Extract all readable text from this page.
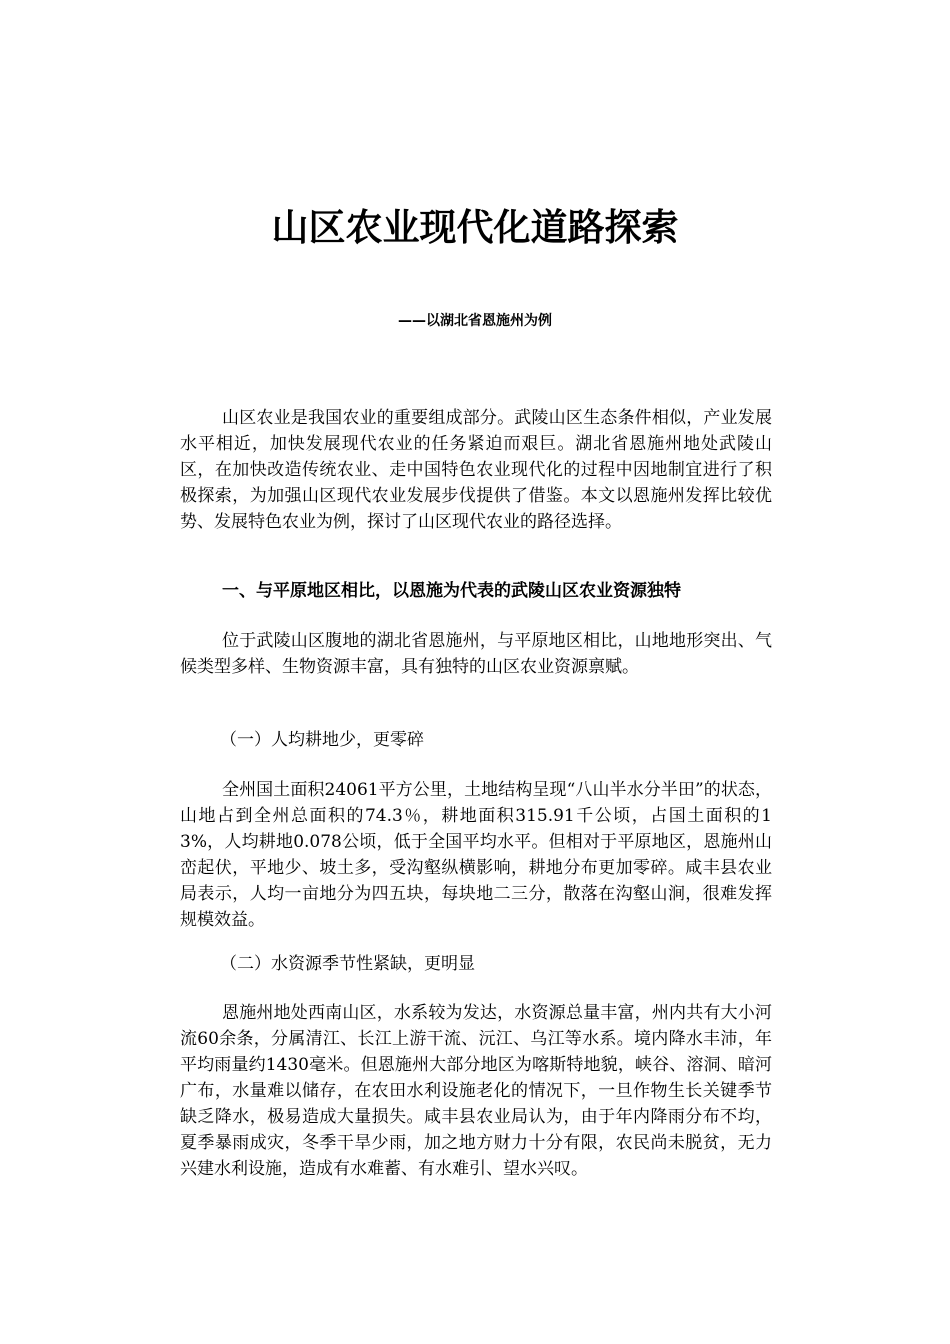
山区农业现代化道路探索
——以湖北省恩施州为例
山区农业是我国农业的重要组成部分。武陵山区生态条件相似，产业发展水平相近，加快发展现代农业的任务紧迫而艰巨。湖北省恩施州地处武陵山区，在加快改造传统农业、走中国特色农业现代化的过程中因地制宜进行了积极探索，为加强山区现代农业发展步伐提供了借鉴。本文以恩施州发挥比较优势、发展特色农业为例，探讨了山区现代农业的路径选择。
一、与平原地区相比，以恩施为代表的武陵山区农业资源独特
位于武陵山区腹地的湖北省恩施州，与平原地区相比，山地地形突出、气候类型多样、生物资源丰富，具有独特的山区农业资源禀赋。
（一）人均耕地少，更零碎
全州国土面积24061平方公里，土地结构呈现“八山半水分半田”的状态，山地占到全州总面积的74.3％，耕地面积315.91千公顷，占国土面积的13%，人均耕地0.078公顷，低于全国平均水平。但相对于平原地区，恩施州山峦起伏，平地少、坡土多，受沟壑纵横影响，耕地分布更加零碎。咸丰县农业局表示，人均一亩地分为四五块，每块地二三分，散落在沟壑山涧，很难发挥规模效益。
（二）水资源季节性紧缺，更明显
恩施州地处西南山区，水系较为发达，水资源总量丰富，州内共有大小河流60余条，分属清江、长江上游干流、沅江、乌江等水系。境内降水丰沛，年平均雨量约1430毫米。但恩施州大部分地区为喀斯特地貌，峡谷、溶洞、暗河广布，水量难以储存，在农田水利设施老化的情况下，一旦作物生长关键季节缺乏降水，极易造成大量损失。咸丰县农业局认为，由于年内降雨分布不均，夏季暴雨成灾，冬季干旱少雨，加之地方财力十分有限，农民尚未脱贫，无力兴建水利设施，造成有水难蓄、有水难引、望水兴叹。
